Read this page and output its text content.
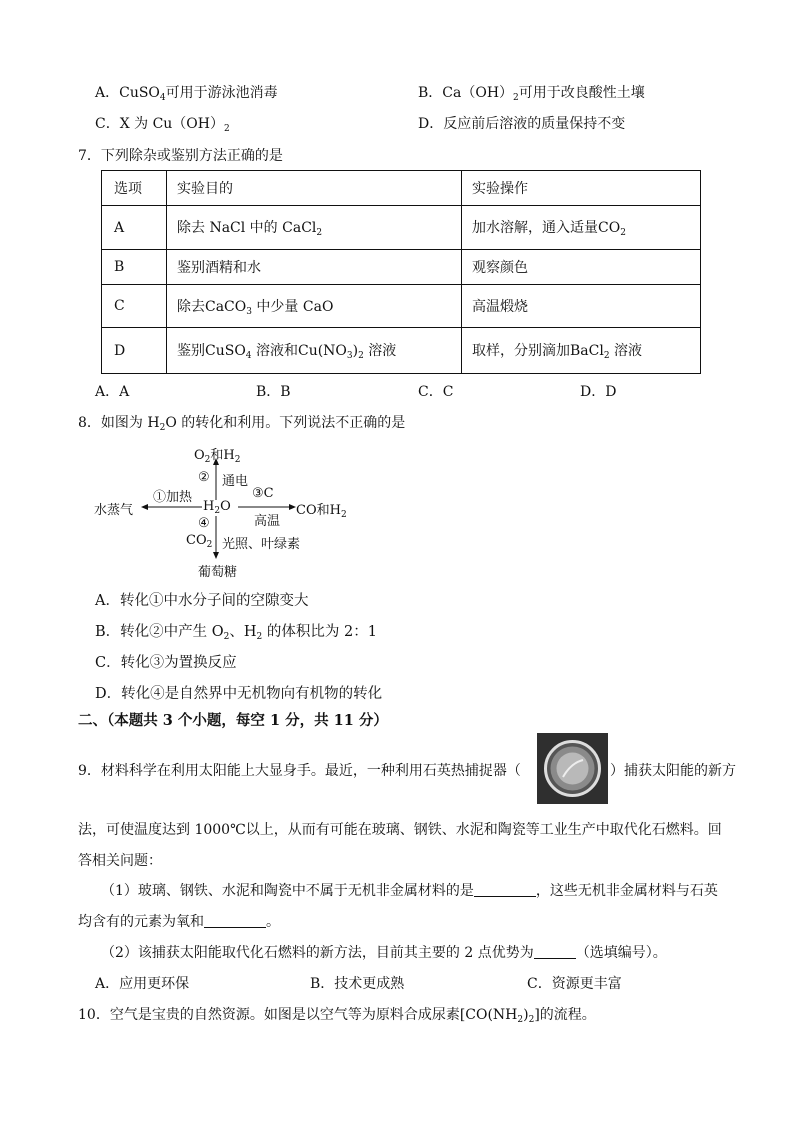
A．CuSO$_4$可用于游泳池消毒	B．$Ca(OH)_2$可用于改良酸性土壤
C．X 为 $Cu(OH)_2$	D．反应前后溶液的质量保持不变
7．下列除杂或鉴别方法正确的是
选项	实验目的	实验操作
A	除去 NaCl 中的 CaCl$_2$	加水溶解，通入适量$CO_2$
B	鉴别酒精和水	观察颜色
C	除去CaCO$_3$ 中少量 CaO	高温煅烧
D	鉴别CuSO$_4$ 溶液和$Cu(NO_3)_2$ 溶液	取样，分别滴加BaCl$_2$ 溶液
A．A	B．B	C．C	D．D
8．如图为 $H_2O$ 的转化和利用。下列说法不正确的是
$O_2$和$H_2$
② 通电
水蒸气
①加热
$H_2O$
③C
高温
CO和$H_2$
④
$CO_2$ 光照、叶绿素
葡萄糖
A．转化①中水分子间的空隙变大
B．转化②中产生 $O_2$、$H_2$ 的体积比为 2：1
C．转化③为置换反应
D．转化④是自然界中无机物向有机物的转化
二、（本题共 3 个小题，每空 1 分，共 11 分）
9．材料科学在利用太阳能上大显身手。最近，一种利用石英热捕捉器（	）捕获太阳能的新方
法，可使温度达到 1000℃以上，从而有可能在玻璃、钢铁、水泥和陶瓷等工业生产中取代化石燃料。回
答相关问题：
（1）玻璃、钢铁、水泥和陶瓷中不属于无机非金属材料的是	，这些无机非金属材料与石英
均含有的元素为氧和	。
（2）该捕获太阳能取代化石燃料的新方法，目前其主要的 2 点优势为	（选填编号）。
A．应用更环保	B．技术更成熟	C．资源更丰富
10．空气是宝贵的自然资源。如图是以空气等为原料合成尿素$[CO(NH_2)_2]$的流程。
